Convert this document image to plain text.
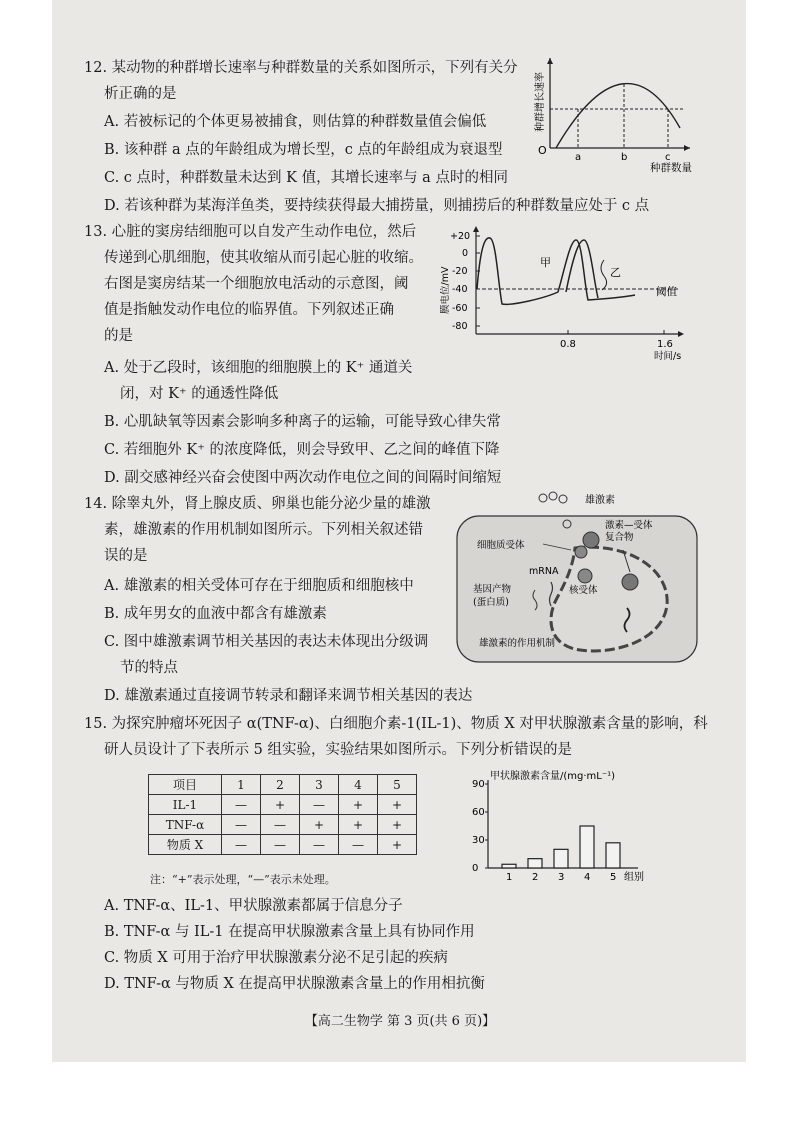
12. 某动物的种群增长速率与种群数量的关系如图所示，下列有关分
析正确的是
A. 若被标记的个体更易被捕食，则估算的种群数量值会偏低
B. 该种群 a 点的年龄组成为增长型，c 点的年龄组成为衰退型
C. c 点时，种群数量未达到 K 值，其增长速率与 a 点时的相同
D. 若该种群为某海洋鱼类，要持续获得最大捕捞量，则捕捞后的种群数量应处于 c 点
O
a	b	c
种群数量
种群增长速率
13. 心脏的窦房结细胞可以自发产生动作电位，然后
传递到心肌细胞，使其收缩从而引起心脏的收缩。
右图是窦房结某一个细胞放电活动的示意图，阈
值是指触发动作电位的临界值。下列叙述正确
的是
A. 处于乙段时，该细胞的细胞膜上的 K⁺ 通道关
闭，对 K⁺ 的通透性降低
B. 心肌缺氧等因素会影响多种离子的运输，可能导致心律失常
C. 若细胞外 K⁺ 的浓度降低，则会导致甲、乙之间的峰值下降
D. 副交感神经兴奋会使图中两次动作电位之间的间隔时间缩短
+20
0
-20
-40
-60
-80
膜电位/mV	阈值
甲
乙
0.8	1.6
时间/s
14. 除睾丸外，肾上腺皮质、卵巢也能分泌少量的雄激
素，雄激素的作用机制如图所示。下列相关叙述错
误的是
A. 雄激素的相关受体可存在于细胞质和细胞核中
B. 成年男女的血液中都含有雄激素
C. 图中雄激素调节相关基因的表达未体现出分级调
节的特点
D. 雄激素通过直接调节转录和翻译来调节相关基因的表达
雄激素
激素—受体
复合物
细胞质受体
mRNA
核受体
基因产物
(蛋白质)
雄激素的作用机制
15. 为探究肿瘤坏死因子 α(TNF-α)、白细胞介素-1(IL-1)、物质 X 对甲状腺激素含量的影响，科
研人员设计了下表所示 5 组实验，实验结果如图所示。下列分析错误的是
项目	1	2	3	4	5
IL-1	—	+	—	+	+
TNF-α	—	—	+	+	+
物质 X	—	—	—	—	+
注：“+”表示处理，“—”表示未处理。
甲状腺激素含量/(mg·mL⁻¹)
组别
90
60
30
0
1 2 3 4 5
A. TNF-α、IL-1、甲状腺激素都属于信息分子
B. TNF-α 与 IL-1 在提高甲状腺激素含量上具有协同作用
C. 物质 X 可用于治疗甲状腺激素分泌不足引起的疾病
D. TNF-α 与物质 X 在提高甲状腺激素含量上的作用相抗衡
【高二生物学 第 3 页(共 6 页)】
